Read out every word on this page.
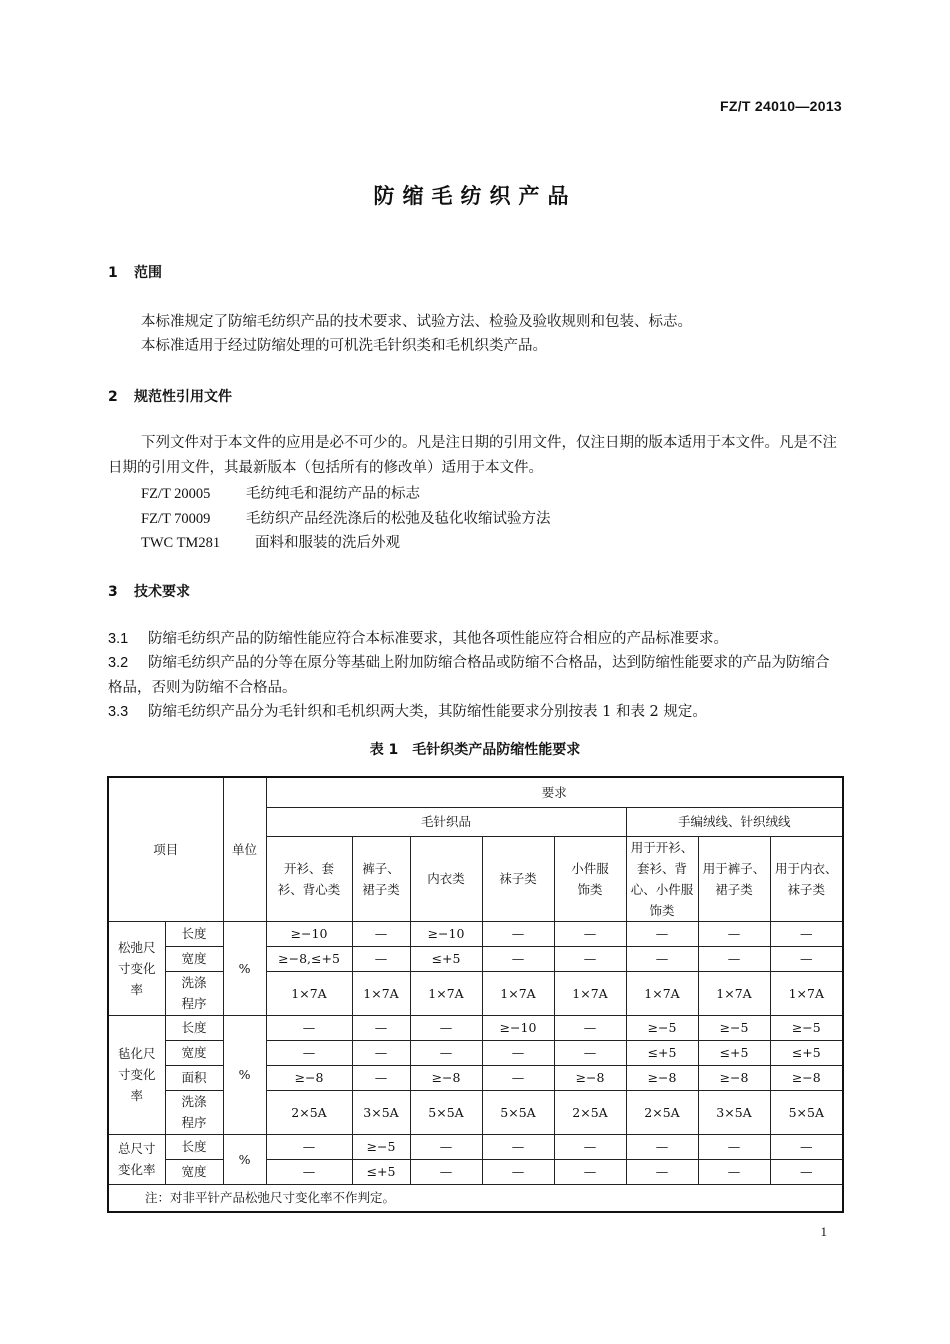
FZ/T 24010—2013
防缩毛纺织产品
1 范围
本标准规定了防缩毛纺织产品的技术要求、试验方法、检验及验收规则和包装、标志。
本标准适用于经过防缩处理的可机洗毛针织类和毛机织类产品。
2 规范性引用文件
下列文件对于本文件的应用是必不可少的。凡是注日期的引用文件，仅注日期的版本适用于本文件。凡是不注日期的引用文件，其最新版本（包括所有的修改单）适用于本文件。
FZ/T 20005 毛纺纯毛和混纺产品的标志
FZ/T 70009 毛纺织产品经洗涤后的松弛及毡化收缩试验方法
TWC TM281 面料和服装的洗后外观
3 技术要求
3.1 防缩毛纺织产品的防缩性能应符合本标准要求，其他各项性能应符合相应的产品标准要求。
3.2 防缩毛纺织产品的分等在原分等基础上附加防缩合格品或防缩不合格品，达到防缩性能要求的产品为防缩合格品，否则为防缩不合格品。
3.3 防缩毛纺织产品分为毛针织和毛机织两大类，其防缩性能要求分别按表 1 和表 2 规定。
表 1　毛针织类产品防缩性能要求
项目		单位	要求							
			毛针织品					手编绒线、针织绒线		
			开衫、套衫、背心类	裤子、裙子类	内衣类	袜子类	小件服饰类	用于开衫、套衫、背心、小件服饰类	用于裤子、裙子类	用于内衣、袜子类
松弛尺寸变化率	长度	%	≥−10	—	≥−10	—	—	—	—	—
	宽度		≥−8,≤+5	—	≤+5	—	—	—	—	—
	洗涤程序		1×7A	1×7A	1×7A	1×7A	1×7A	1×7A	1×7A	1×7A
毡化尺寸变化率	长度	%	—	—	—	≥−10	—	≥−5	≥−5	≥−5
	宽度		—	—	—	—	—	≤+5	≤+5	≤+5
	面积		≥−8	—	≥−8	—	≥−8	≥−8	≥−8	≥−8
	洗涤程序		2×5A	3×5A	5×5A	5×5A	2×5A	2×5A	3×5A	5×5A
总尺寸变化率	长度	%	—	≥−5	—	—	—	—	—	—
	宽度		—	≤+5	—	—	—	—	—	—
注：对非平针产品松弛尺寸变化率不作判定。										
1
